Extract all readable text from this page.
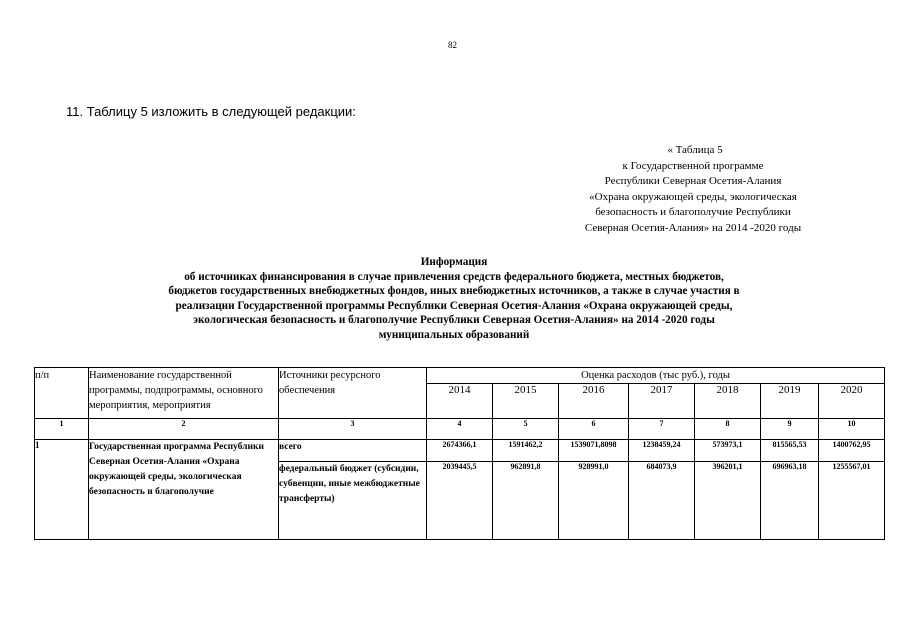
82
11. Таблицу 5 изложить в следующей редакции:
« Таблица 5
к Государственной программе
Республики Северная Осетия-Алания
«Охрана окружающей среды, экологическая
безопасность и благополучие Республики
Северная Осетия-Алания» на 2014 -2020 годы
Информация
об источниках финансирования в случае привлечения средств федерального бюджета, местных бюджетов,
бюджетов государственных внебюджетных фондов, иных внебюджетных источников, а также в случае участия в
реализации Государственной программы Республики Северная Осетия-Алания «Охрана окружающей среды,
экологическая безопасность и благополучие Республики Северная Осетия-Алания» на 2014 -2020 годы
муниципальных образований
п/п	Наименование государственной программы, подпрограммы, основного мероприятия, мероприятия	Источники ресурсного обеспечения	Оценка расходов (тыс руб.), годы						
			2014	2015	2016	2017	2018	2019	2020
1	2	3	4	5	6	7	8	9	10
1	Государственная программа Республики Северная Осетия-Алания «Охрана окружающей среды, экологическая безопасность и благополучие	всего	2674366,1	1591462,2	1539071,8098	1238459,24	573973,1	815565,53	1400762,95
		федеральный бюджет (субсидии, субвенции, иные межбюджетные трансферты)	2039445,5	962891,8	928991,0	684073,9	396201,1	696963,18	1255567,01
